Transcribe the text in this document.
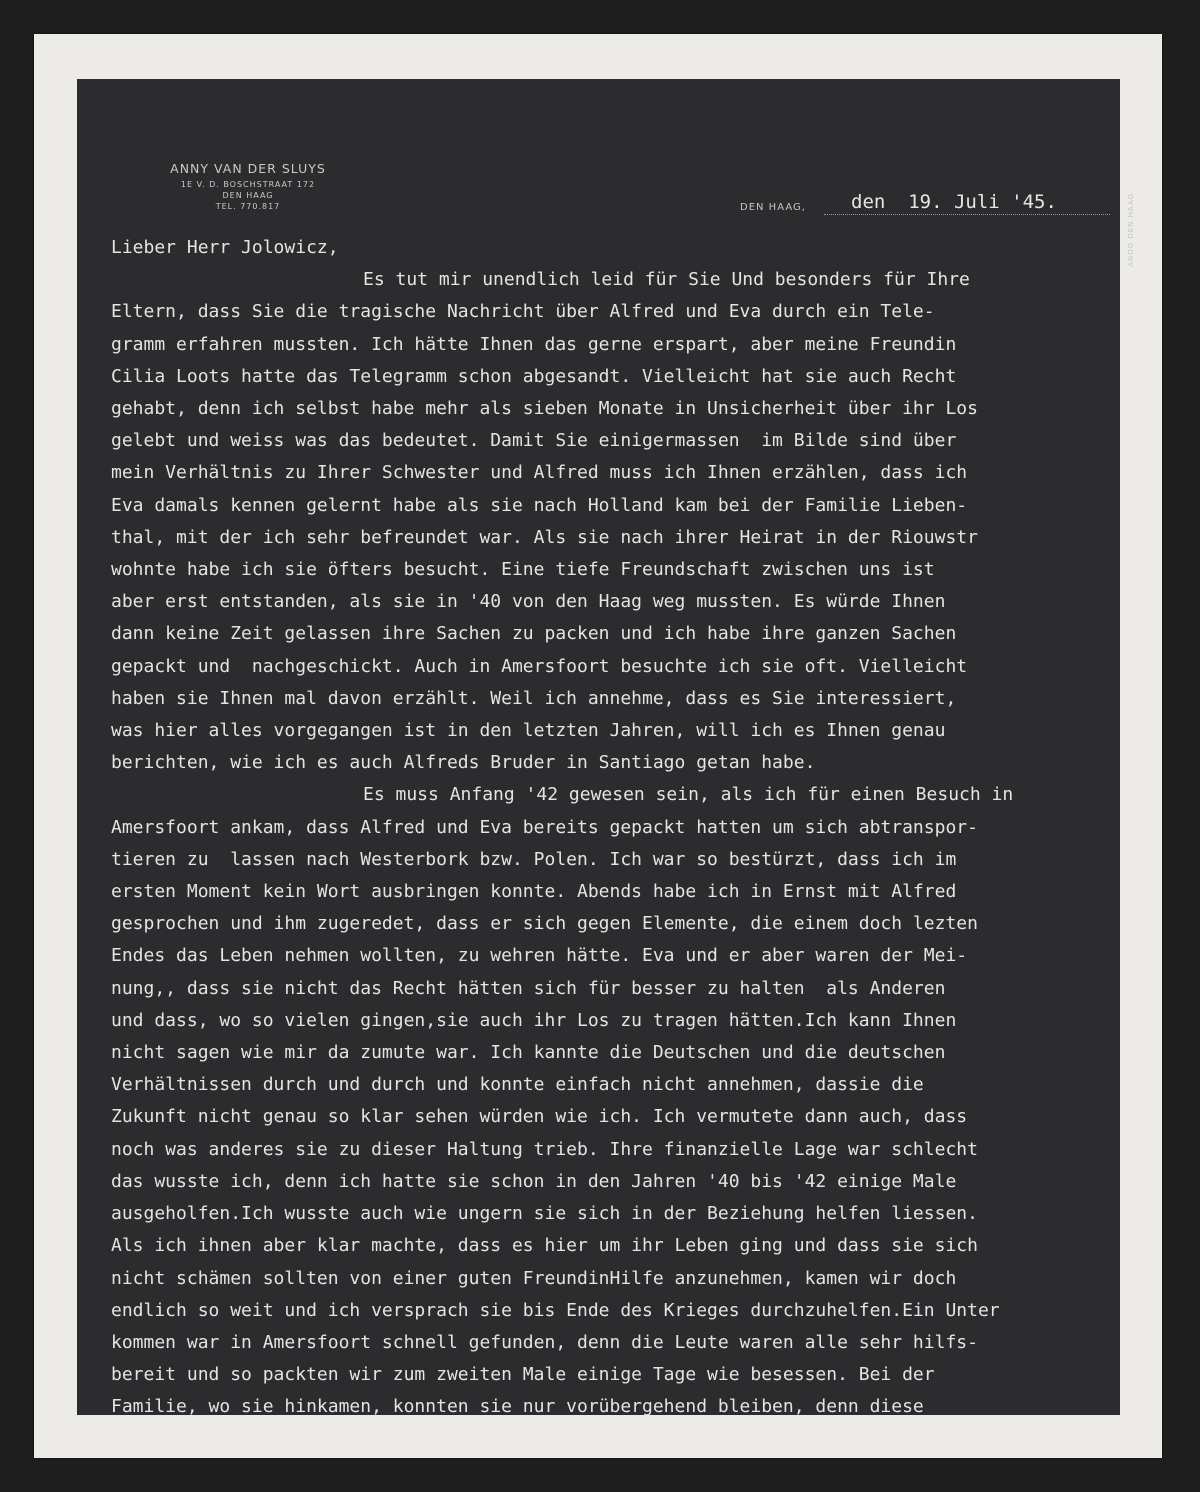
ANNY VAN DER SLUYS
1E V. D. BOSCHSTRAAT 172
DEN HAAG
TEL. 770.817	ANDO DEN HAAG
DEN HAAG, den  19. Juli '45.
Lieber Herr Jolowicz,
Es tut mir unendlich leid für Sie Und besonders für Ihre
Eltern, dass Sie die tragische Nachricht über Alfred und Eva durch ein Tele-
gramm erfahren mussten. Ich hätte Ihnen das gerne erspart, aber meine Freundin
Cilia Loots hatte das Telegramm schon abgesandt. Vielleicht hat sie auch Recht
gehabt, denn ich selbst habe mehr als sieben Monate in Unsicherheit über ihr Los
gelebt und weiss was das bedeutet. Damit Sie einigermassen  im Bilde sind über
mein Verhältnis zu Ihrer Schwester und Alfred muss ich Ihnen erzählen, dass ich
Eva damals kennen gelernt habe als sie nach Holland kam bei der Familie Lieben-
thal, mit der ich sehr befreundet war. Als sie nach ihrer Heirat in der Riouwstr
wohnte habe ich sie öfters besucht. Eine tiefe Freundschaft zwischen uns ist
aber erst entstanden, als sie in '40 von den Haag weg mussten. Es würde Ihnen
dann keine Zeit gelassen ihre Sachen zu packen und ich habe ihre ganzen Sachen
gepackt und  nachgeschickt. Auch in Amersfoort besuchte ich sie oft. Vielleicht
haben sie Ihnen mal davon erzählt. Weil ich annehme, dass es Sie interessiert,
was hier alles vorgegangen ist in den letzten Jahren, will ich es Ihnen genau
berichten, wie ich es auch Alfreds Bruder in Santiago getan habe.
Es muss Anfang '42 gewesen sein, als ich für einen Besuch in
Amersfoort ankam, dass Alfred und Eva bereits gepackt hatten um sich abtranspor-
tieren zu  lassen nach Westerbork bzw. Polen. Ich war so bestürzt, dass ich im
ersten Moment kein Wort ausbringen konnte. Abends habe ich in Ernst mit Alfred
gesprochen und ihm zugeredet, dass er sich gegen Elemente, die einem doch lezten
Endes das Leben nehmen wollten, zu wehren hätte. Eva und er aber waren der Mei-
nung,, dass sie nicht das Recht hätten sich für besser zu halten  als Anderen
und dass, wo so vielen gingen,sie auch ihr Los zu tragen hätten.Ich kann Ihnen
nicht sagen wie mir da zumute war. Ich kannte die Deutschen und die deutschen
Verhältnissen durch und durch und konnte einfach nicht annehmen, dassie die
Zukunft nicht genau so klar sehen würden wie ich. Ich vermutete dann auch, dass
noch was anderes sie zu dieser Haltung trieb. Ihre finanzielle Lage war schlecht
das wusste ich, denn ich hatte sie schon in den Jahren '40 bis '42 einige Male
ausgeholfen.Ich wusste auch wie ungern sie sich in der Beziehung helfen liessen.
Als ich ihnen aber klar machte, dass es hier um ihr Leben ging und dass sie sich
nicht schämen sollten von einer guten FreundinHilfe anzunehmen, kamen wir doch
endlich so weit und ich versprach sie bis Ende des Krieges durchzuhelfen.Ein Unter
kommen war in Amersfoort schnell gefunden, denn die Leute waren alle sehr hilfs-
bereit und so packten wir zum zweiten Male einige Tage wie besessen. Bei der
Familie, wo sie hinkamen, konnten sie nur vorübergehend bleiben, denn diese
